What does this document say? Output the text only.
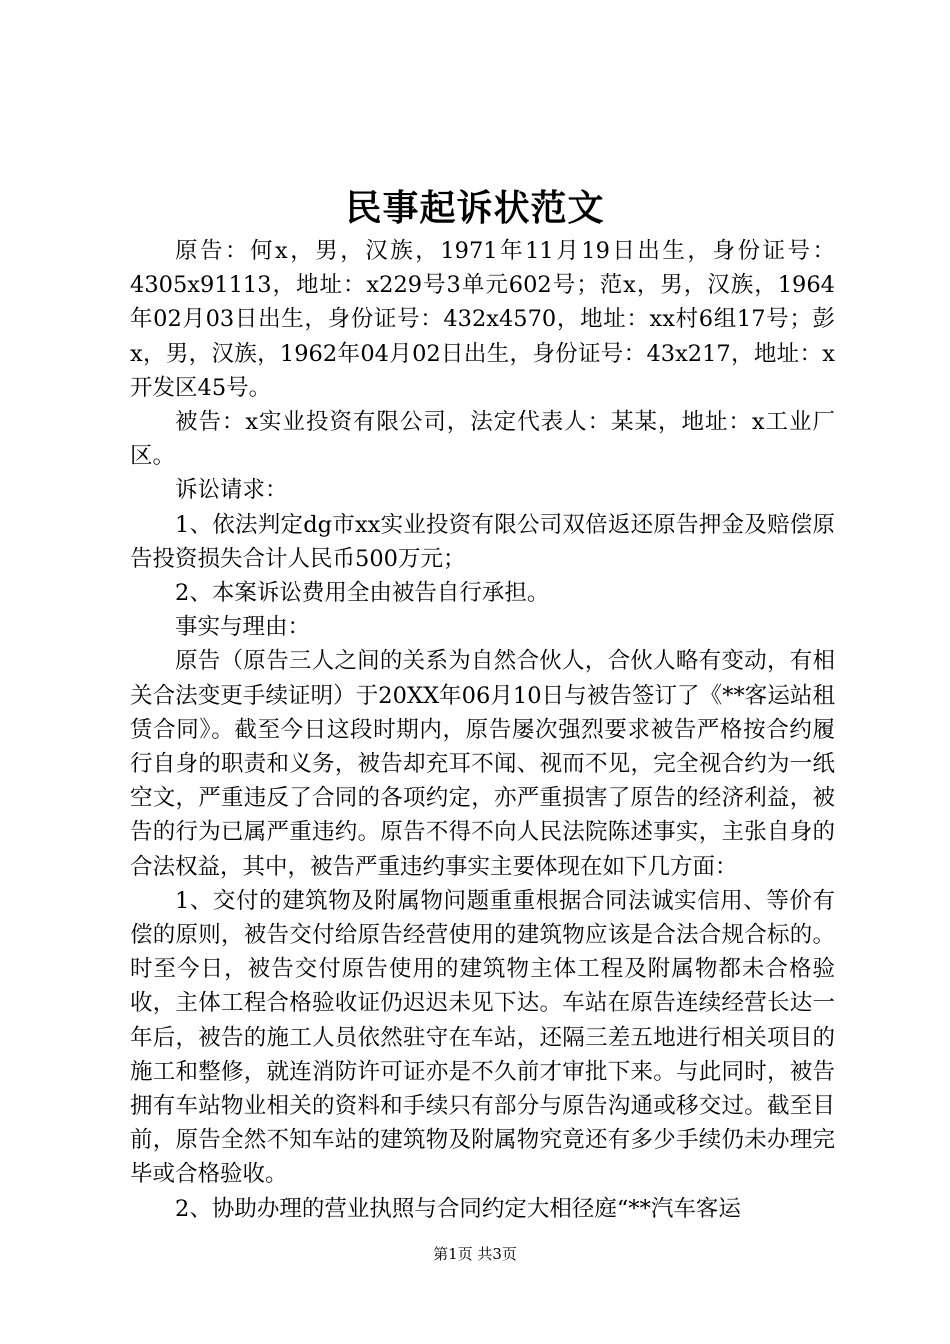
民事起诉状范文

原告：何x，男，汉族，1971年11月19日出生，身份证号：4305x91113，地址：x229号3单元602号；范x，男，汉族，1964年02月03日出生，身份证号：432x4570，地址：xx村6组17号；彭x，男，汉族，1962年04月02日出生，身份证号：43x217，地址：x开发区45号。

被告：x实业投资有限公司，法定代表人：某某，地址：x工业厂区。

诉讼请求：

1、依法判定dg市xx实业投资有限公司双倍返还原告押金及赔偿原告投资损失合计人民币500万元；

2、本案诉讼费用全由被告自行承担。

事实与理由：

原告（原告三人之间的关系为自然合伙人，合伙人略有变动，有相关合法变更手续证明）于20XX年06月10日与被告签订了《**客运站租赁合同》。截至今日这段时期内，原告屡次强烈要求被告严格按合约履行自身的职责和义务，被告却充耳不闻、视而不见，完全视合约为一纸空文，严重违反了合同的各项约定，亦严重损害了原告的经济利益，被告的行为已属严重违约。原告不得不向人民法院陈述事实，主张自身的合法权益，其中，被告严重违约事实主要体现在如下几方面：

1、交付的建筑物及附属物问题重重根据合同法诚实信用、等价有偿的原则，被告交付给原告经营使用的建筑物应该是合法合规合标的。时至今日，被告交付原告使用的建筑物主体工程及附属物都未合格验收，主体工程合格验收证仍迟迟未见下达。车站在原告连续经营长达一年后，被告的施工人员依然驻守在车站，还隔三差五地进行相关项目的施工和整修，就连消防许可证亦是不久前才审批下来。与此同时，被告拥有车站物业相关的资料和手续只有部分与原告沟通或移交过。截至目前，原告全然不知车站的建筑物及附属物究竟还有多少手续仍未办理完毕或合格验收。

2、协助办理的营业执照与合同约定大相径庭“**汽车客运

第1页 共3页
